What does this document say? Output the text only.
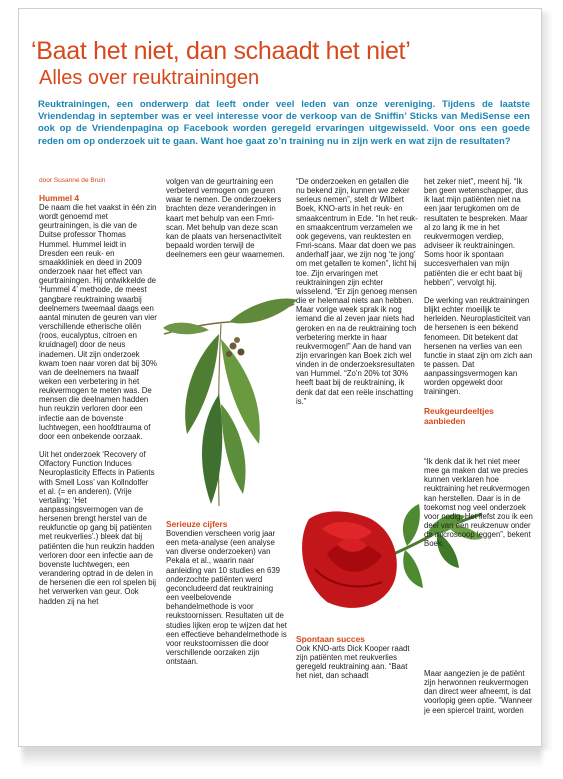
‘Baat het niet, dan schaadt het niet’
Alles over reuktrainingen
Reuktrainingen, een onderwerp dat leeft onder veel leden van onze vereniging. Tijdens de laatste Vriendendag in september was er veel interesse voor de verkoop van de Sniffin’ Sticks van MediSense een ook op de Vriendenpagina op Facebook worden geregeld ervaringen uitgewisseld. Voor ons een goede reden om op onderzoek uit te gaan. Want hoe gaat zo’n training nu in zijn werk en wat zijn de resultaten?
door Susanne de Bruin

Hummel 4

De naam die het vaakst in één zin wordt genoemd met geurtrainingen, is die van de Duitse professor Thomas Hummel. Hummel leidt in Dresden een reuk- en smaakkliniek en deed in 2009 onderzoek naar het effect van geurtrainingen. Hij ontwikkelde de ‘Hummel 4’ methode, de meest gangbare reuktraining waarbij deelnemers tweemaal daags een aantal minuten de geuren van vier verschillende etherische oliën (roos, eucalyptus, citroen en kruidnagel) door de neus inademen. Uit zijn onderzoek kwam toen naar voren dat bij 30% van de deelnemers na twaalf weken een verbetering in het reukvermogen te meten was. De mensen die deelnamen hadden hun reukzin verloren door een infectie aan de bovenste luchtwegen, een hoofdtrauma of door een onbekende oorzaak.

Uit het onderzoek ‘Recovery of Olfactory Function Induces Neuroplasticity Effects in Patients with Smell Loss’ van Kollndolfer et al. (= en anderen). (Vrije vertaling: ‘Het aanpassingsvermogen van de hersenen brengt herstel van de reukfunctie op gang bij patiënten met reukverlies’.) bleek dat bij patiënten die hun reukzin hadden verloren door een infectie aan de bovenste luchtwegen, een verandering optrad in de delen in de hersenen die een rol spelen bij het verwerken van geur. Ook hadden zij na het

volgen van de geurtraining een verbeterd vermogen om geuren waar te nemen. De onderzoekers brachten deze veranderingen in kaart met behulp van een Fmri-scan. Met behulp van deze scan kan de plaats van hersenactiviteit bepaald worden terwijl de deelnemers een geur waarnemen.

Serieuze cijfers

Bovendien verscheen vorig jaar een meta-analyse (een analyse van diverse onderzoeken) van Pekala et al., waarin naar aanleiding van 10 studies en 639 onderzochte patiënten werd geconcludeerd dat reuktraining een veelbelovende behandelmethode is voor reukstoornissen. Resultaten uit de studies lijken erop te wijzen dat het een effectieve behandelmethode is voor reukstoornissen die door verschillende oorzaken zijn ontstaan.

“De onderzoeken en getallen die nu bekend zijn, kunnen we zeker serieus nemen”, stelt dr Wilbert Boek, KNO-arts in het reuk- en smaakcentrum in Ede. “In het reuk- en smaakcentrum verzamelen we ook gegevens, van reuktesten en Fmri-scans. Maar dat doen we pas anderhalf jaar, we zijn nog ‘te jong’ om met getallen te komen”, licht hij toe. Zijn ervaringen met reuktrainingen zijn echter wisselend. “Er zijn genoeg mensen die er helemaal niets aan hebben. Maar vorige week sprak ik nog iemand die al zeven jaar niets had geroken en na de reuktraining toch verbetering merkte in haar reukvermogen!” Aan de hand van zijn ervaringen kan Boek zich wel vinden in de onderzoeksresultaten van Hummel. “Zo’n 20% tot 30% heeft baat bij de reuktraining, ik denk dat dat een reële inschatting is.”

Spontaan succes

Ook KNO-arts Dick Kooper raadt zijn patiënten met reukverlies geregeld reuktraining aan. “Baat het niet, dan schaadt

het zeker niet”, meent hij. “Ik ben geen wetenschapper, dus ik laat mijn patiënten niet na een jaar terugkomen om de resultaten te bespreken. Maar al zo lang ik me in het reukvermogen verdiep, adviseer ik reuktrainingen. Soms hoor ik spontaan succesverhalen van mijn patiënten die er echt baat bij hebben”, vervolgt hij.

De werking van reuktrainingen blijkt echter moeilijk te herleiden. Neuroplasticiteit van de hersenen is een bekend fenomeen. Dit betekent dat hersenen na verlies van een functie in staat zijn om zich aan te passen. Dat aanpassingsvermogen kan worden opgewekt door trainingen.

Reukgeurdeeltjes

aanbieden

“Ik denk dat ik het niet meer mee ga maken dat we precies kunnen verklaren hoe reuktraining het reukvermogen kan herstellen. Daar is in de toekomst nog veel onderzoek voor nodig. Het liefst zou ik een deel van een reukzenuw onder de microscoop leggen”, bekent Boek.

Maar aangezien je de patiënt zijn herwonnen reukvermogen dan direct weer afneemt, is dat voorlopig geen optie. “Wanneer je een spiercel traint, worden
